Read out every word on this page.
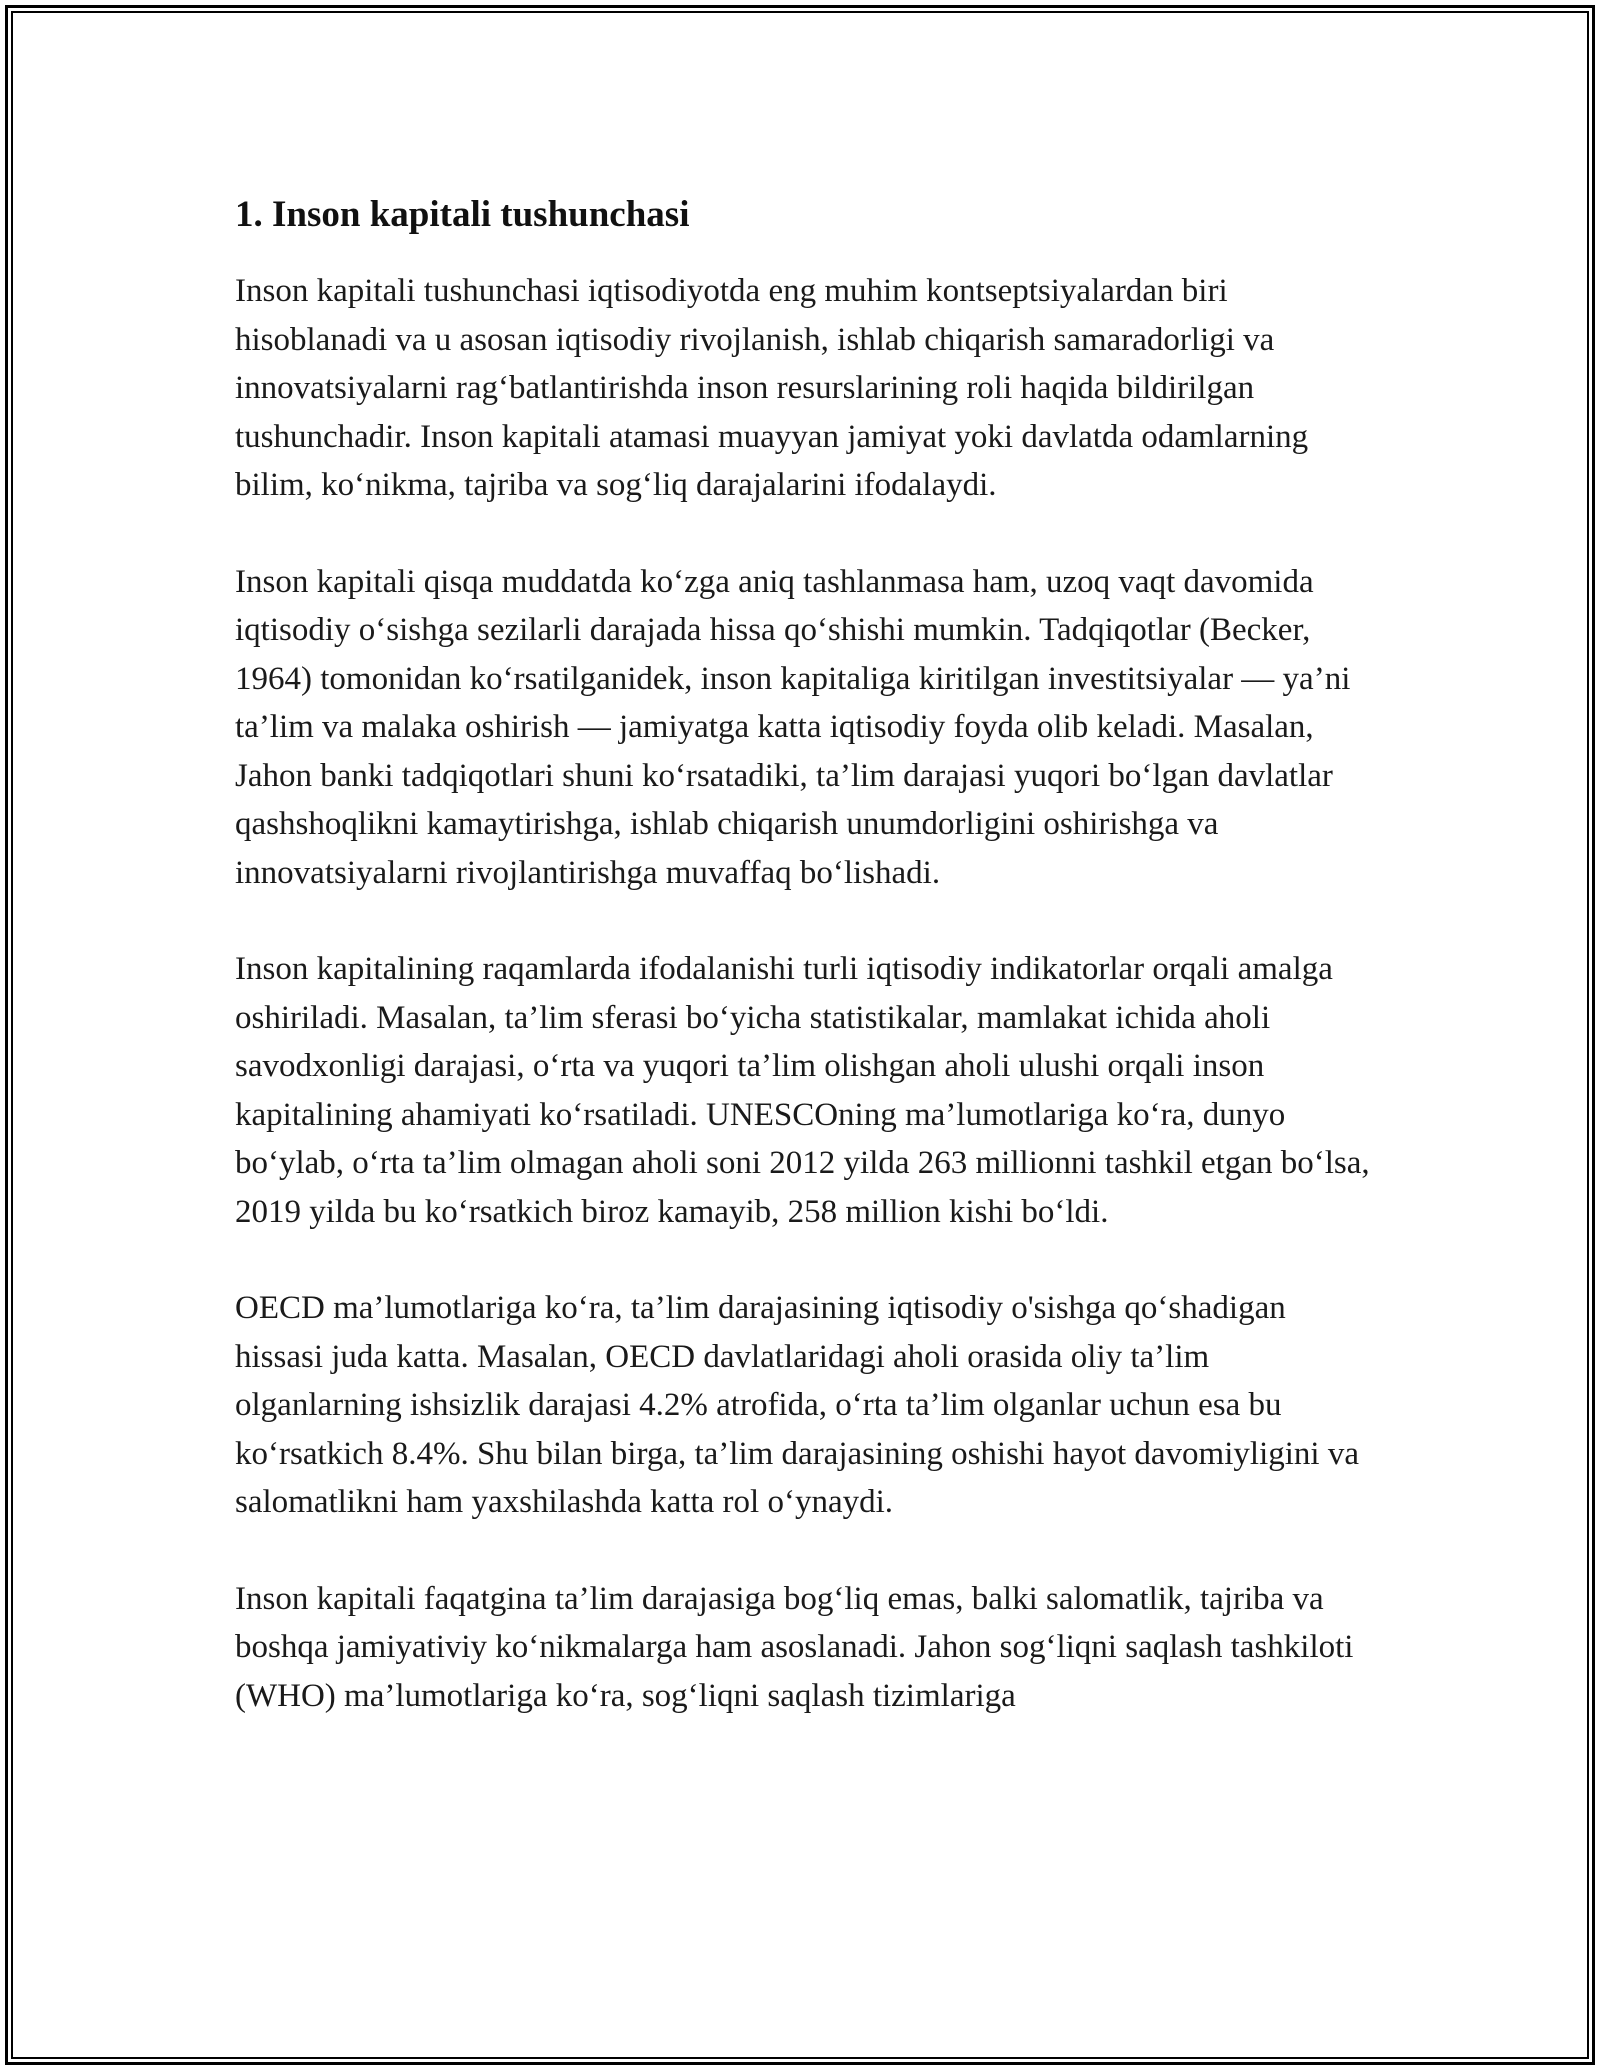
1. Inson kapitali tushunchasi

Inson kapitali tushunchasi iqtisodiyotda eng muhim kontseptsiyalardan biri hisoblanadi va u asosan iqtisodiy rivojlanish, ishlab chiqarish samaradorligi va innovatsiyalarni rag‘batlantirishda inson resurslarining roli haqida bildirilgan tushunchadir. Inson kapitali atamasi muayyan jamiyat yoki davlatda odamlarning bilim, ko‘nikma, tajriba va sog‘liq darajalarini ifodalaydi.

Inson kapitali qisqa muddatda ko‘zga aniq tashlanmasa ham, uzoq vaqt davomida iqtisodiy o‘sishga sezilarli darajada hissa qo‘shishi mumkin. Tadqiqotlar (Becker, 1964) tomonidan ko‘rsatilganidek, inson kapitaliga kiritilgan investitsiyalar — ya’ni ta’lim va malaka oshirish — jamiyatga katta iqtisodiy foyda olib keladi. Masalan, Jahon banki tadqiqotlari shuni ko‘rsatadiki, ta’lim darajasi yuqori bo‘lgan davlatlar qashshoqlikni kamaytirishga, ishlab chiqarish unumdorligini oshirishga va innovatsiyalarni rivojlantirishga muvaffaq bo‘lishadi.

Inson kapitalining raqamlarda ifodalanishi turli iqtisodiy indikatorlar orqali amalga oshiriladi. Masalan, ta’lim sferasi bo‘yicha statistikalar, mamlakat ichida aholi savodxonligi darajasi, o‘rta va yuqori ta’lim olishgan aholi ulushi orqali inson kapitalining ahamiyati ko‘rsatiladi. UNESCOning ma’lumotlariga ko‘ra, dunyo bo‘ylab, o‘rta ta’lim olmagan aholi soni 2012 yilda 263 millionni tashkil etgan bo‘lsa, 2019 yilda bu ko‘rsatkich biroz kamayib, 258 million kishi bo‘ldi.

OECD ma’lumotlariga ko‘ra, ta’lim darajasining iqtisodiy o'sishga qo‘shadigan hissasi juda katta. Masalan, OECD davlatlaridagi aholi orasida oliy ta’lim olganlarning ishsizlik darajasi 4.2% atrofida, o‘rta ta’lim olganlar uchun esa bu ko‘rsatkich 8.4%. Shu bilan birga, ta’lim darajasining oshishi hayot davomiyligini va salomatlikni ham yaxshilashda katta rol o‘ynaydi.

Inson kapitali faqatgina ta’lim darajasiga bog‘liq emas, balki salomatlik, tajriba va boshqa jamiyativiy ko‘nikmalarga ham asoslanadi. Jahon sog‘liqni saqlash tashkiloti (WHO) ma’lumotlariga ko‘ra, sog‘liqni saqlash tizimlariga
